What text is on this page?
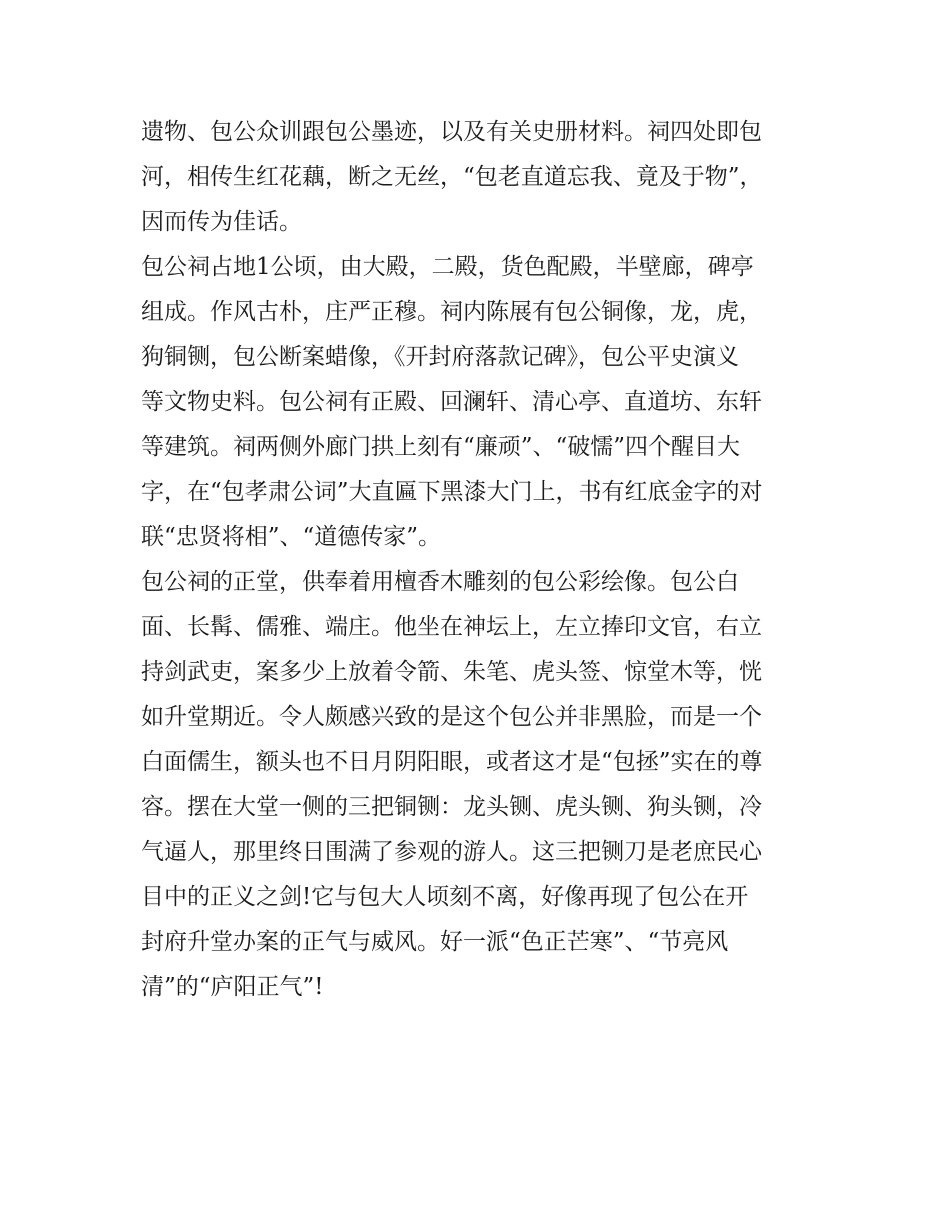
遗物、包公众训跟包公墨迹，以及有关史册材料。祠四处即包
河，相传生红花藕，断之无丝，“包老直道忘我、竟及于物”，
因而传为佳话。
包公祠占地1公顷，由大殿，二殿，货色配殿，半壁廊，碑亭
组成。作风古朴，庄严正穆。祠内陈展有包公铜像，龙，虎，
狗铜铡，包公断案蜡像，《开封府落款记碑》，包公平史演义
等文物史料。包公祠有正殿、回澜轩、清心亭、直道坊、东轩
等建筑。祠两侧外廊门拱上刻有“廉顽”、“破懦”四个醒目大
字，在“包孝肃公词”大直匾下黑漆大门上，书有红底金字的对
联“忠贤将相”、“道德传家”。
包公祠的正堂，供奉着用檀香木雕刻的包公彩绘像。包公白
面、长髯、儒雅、端庄。他坐在神坛上，左立捧印文官，右立
持剑武吏，案多少上放着令箭、朱笔、虎头签、惊堂木等，恍
如升堂期近。令人颇感兴致的是这个包公并非黑脸，而是一个
白面儒生，额头也不日月阴阳眼，或者这才是“包拯”实在的尊
容。摆在大堂一侧的三把铜铡：龙头铡、虎头铡、狗头铡，冷
气逼人，那里终日围满了参观的游人。这三把铡刀是老庶民心
目中的正义之剑!它与包大人顷刻不离，好像再现了包公在开
封府升堂办案的正气与威风。好一派“色正芒寒”、“节亮风
清”的“庐阳正气”!
